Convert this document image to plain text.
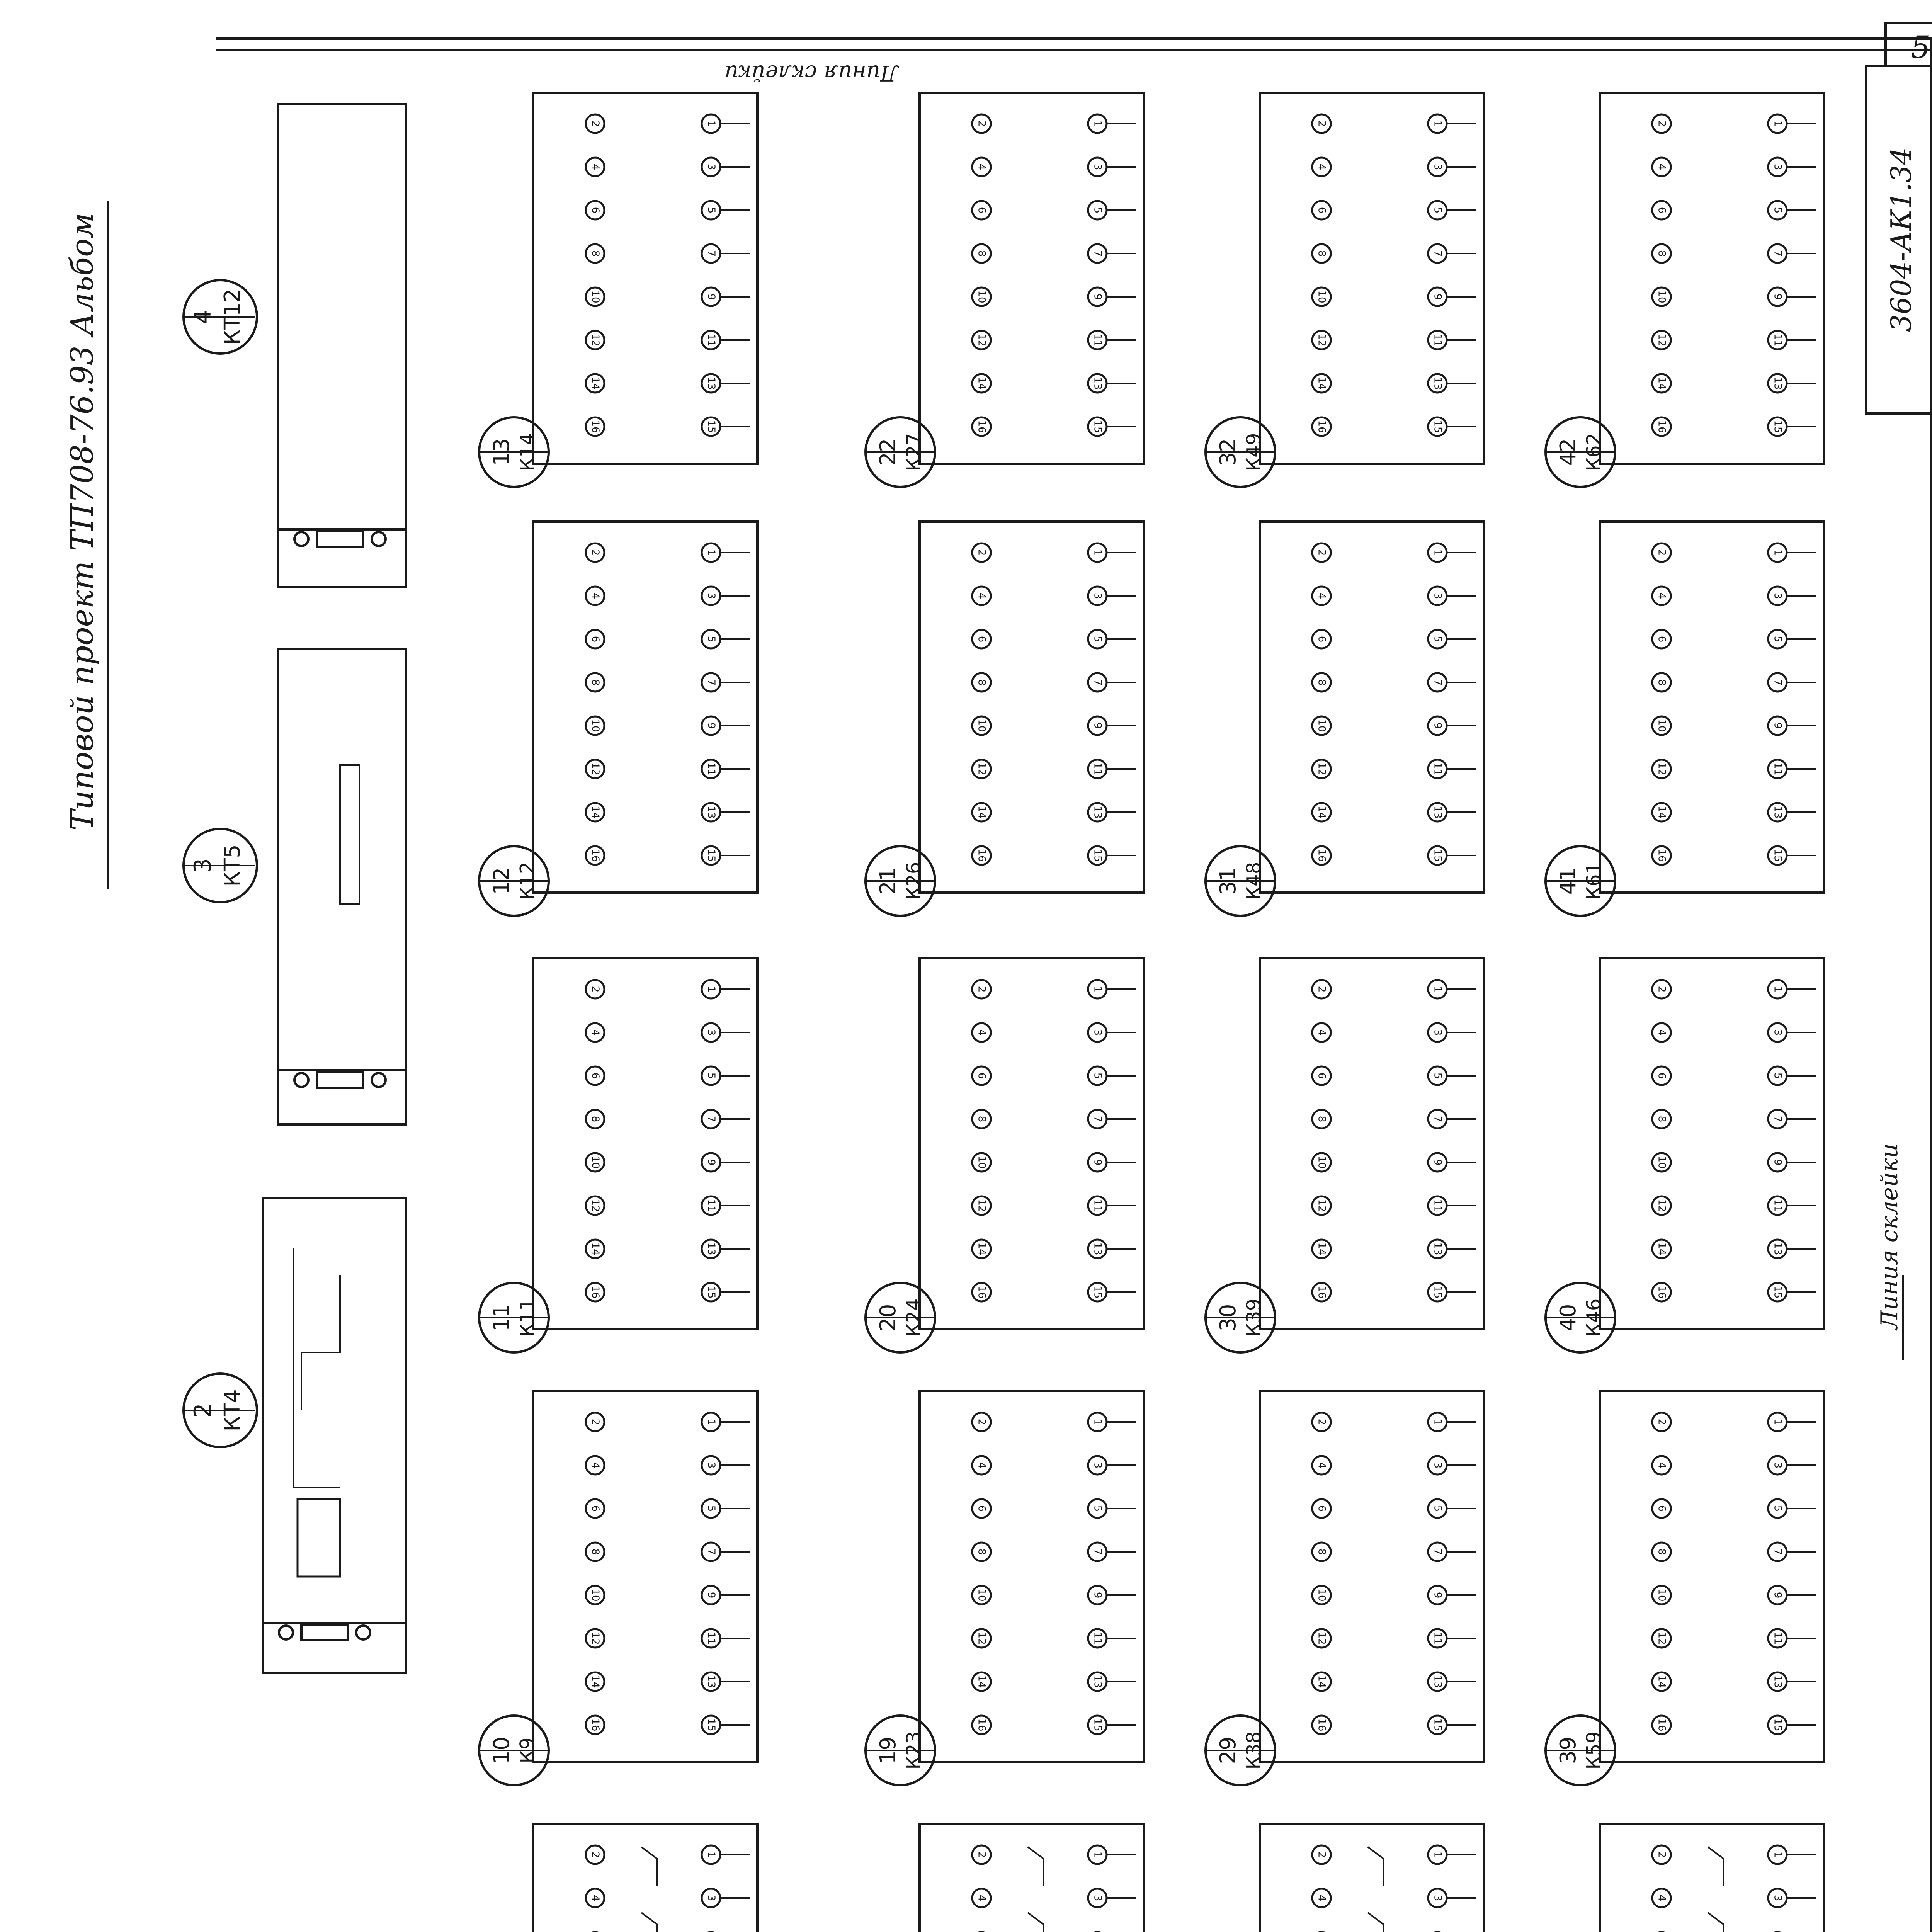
5
3604-АК1.34
Типовой проект ТП708-76.93 Альбом
Линия склейки
Линия склейки
4 КТ12
3 КТ5
2 КТ4
1
2
3
4
5
6
7
8
9
10
11
12
13
14
15
16
13 К14
1
2
3
4
5
6
7
8
9
10
11
12
13
14
15
16
22 К27
1
2
3
4
5
6
7
8
9
10
11
12
13
14
15
16
32 К49
1
2
3
4
5
6
7
8
9
10
11
12
13
14
15
16
42 К62
1
2
3
4
5
6
7
8
9
10
11
12
13
14
15
16
12 К12
1
2
3
4
5
6
7
8
9
10
11
12
13
14
15
16
21 К26
1
2
3
4
5
6
7
8
9
10
11
12
13
14
15
16
31 К48
1
2
3
4
5
6
7
8
9
10
11
12
13
14
15
16
41 К61
1
2
3
4
5
6
7
8
9
10
11
12
13
14
15
16
11 К11
1
2
3
4
5
6
7
8
9
10
11
12
13
14
15
16
20 К24
1
2
3
4
5
6
7
8
9
10
11
12
13
14
15
16
30 К39
1
2
3
4
5
6
7
8
9
10
11
12
13
14
15
16
40 К46
1
2
3
4
5
6
7
8
9
10
11
12
13
14
15
16
10 К9
1
2
3
4
5
6
7
8
9
10
11
12
13
14
15
16
19 К23
1
2
3
4
5
6
7
8
9
10
11
12
13
14
15
16
29 К38
1
2
3
4
5
6
7
8
9
10
11
12
13
14
15
16
39 К59
1
2
3
4
1
2
3
4
1
2
3
4
1
2
3
4
